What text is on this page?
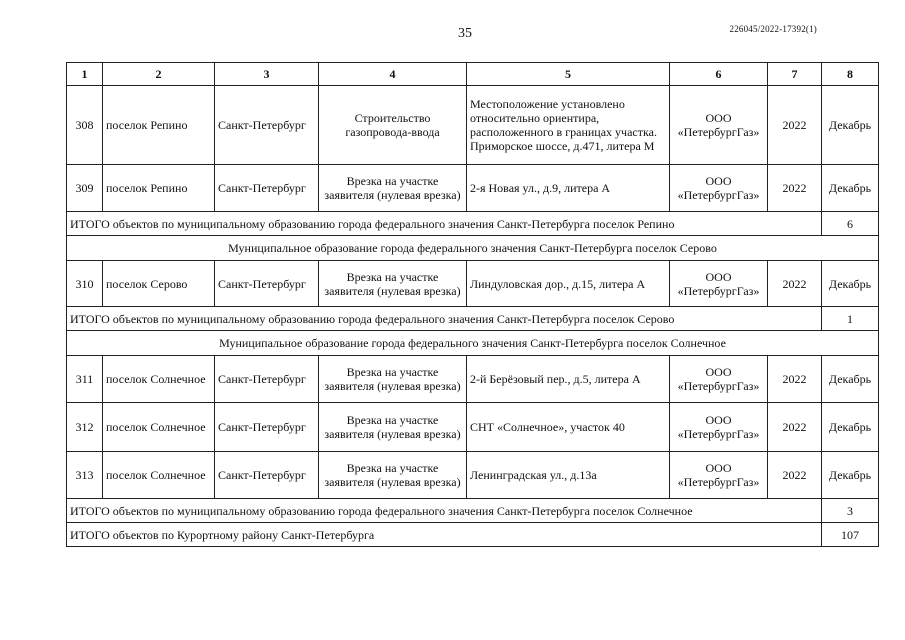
35	226045/2022-17392(1)
1	2	3	4	5	6	7	8
308	поселок Репино	Санкт-Петербург	Строительство газопровода-ввода	Местоположение установлено относительно ориентира, расположенного в границах участка. Приморское шоссе, д.471, литера М	ООО «ПетербургГаз»	2022	Декабрь
309	поселок Репино	Санкт-Петербург	Врезка на участке заявителя (нулевая врезка)	2-я Новая ул., д.9, литера А	ООО «ПетербургГаз»	2022	Декабрь
ИТОГО объектов по муниципальному образованию города федерального значения Санкт-Петербурга поселок Репино							6
Муниципальное образование города федерального значения Санкт-Петербурга поселок Серово							
310	поселок Серово	Санкт-Петербург	Врезка на участке заявителя (нулевая врезка)	Линдуловская дор., д.15, литера А	ООО «ПетербургГаз»	2022	Декабрь
ИТОГО объектов по муниципальному образованию города федерального значения Санкт-Петербурга поселок Серово							1
Муниципальное образование города федерального значения Санкт-Петербурга поселок Солнечное							
311	поселок Солнечное	Санкт-Петербург	Врезка на участке заявителя (нулевая врезка)	2-й Берёзовый пер., д.5, литера А	ООО «ПетербургГаз»	2022	Декабрь
312	поселок Солнечное	Санкт-Петербург	Врезка на участке заявителя (нулевая врезка)	СНТ «Солнечное», участок 40	ООО «ПетербургГаз»	2022	Декабрь
313	поселок Солнечное	Санкт-Петербург	Врезка на участке заявителя (нулевая врезка)	Ленинградская ул., д.13а	ООО «ПетербургГаз»	2022	Декабрь
ИТОГО объектов по муниципальному образованию города федерального значения Санкт-Петербурга поселок Солнечное							3
ИТОГО объектов по Курортному району Санкт-Петербурга							107
